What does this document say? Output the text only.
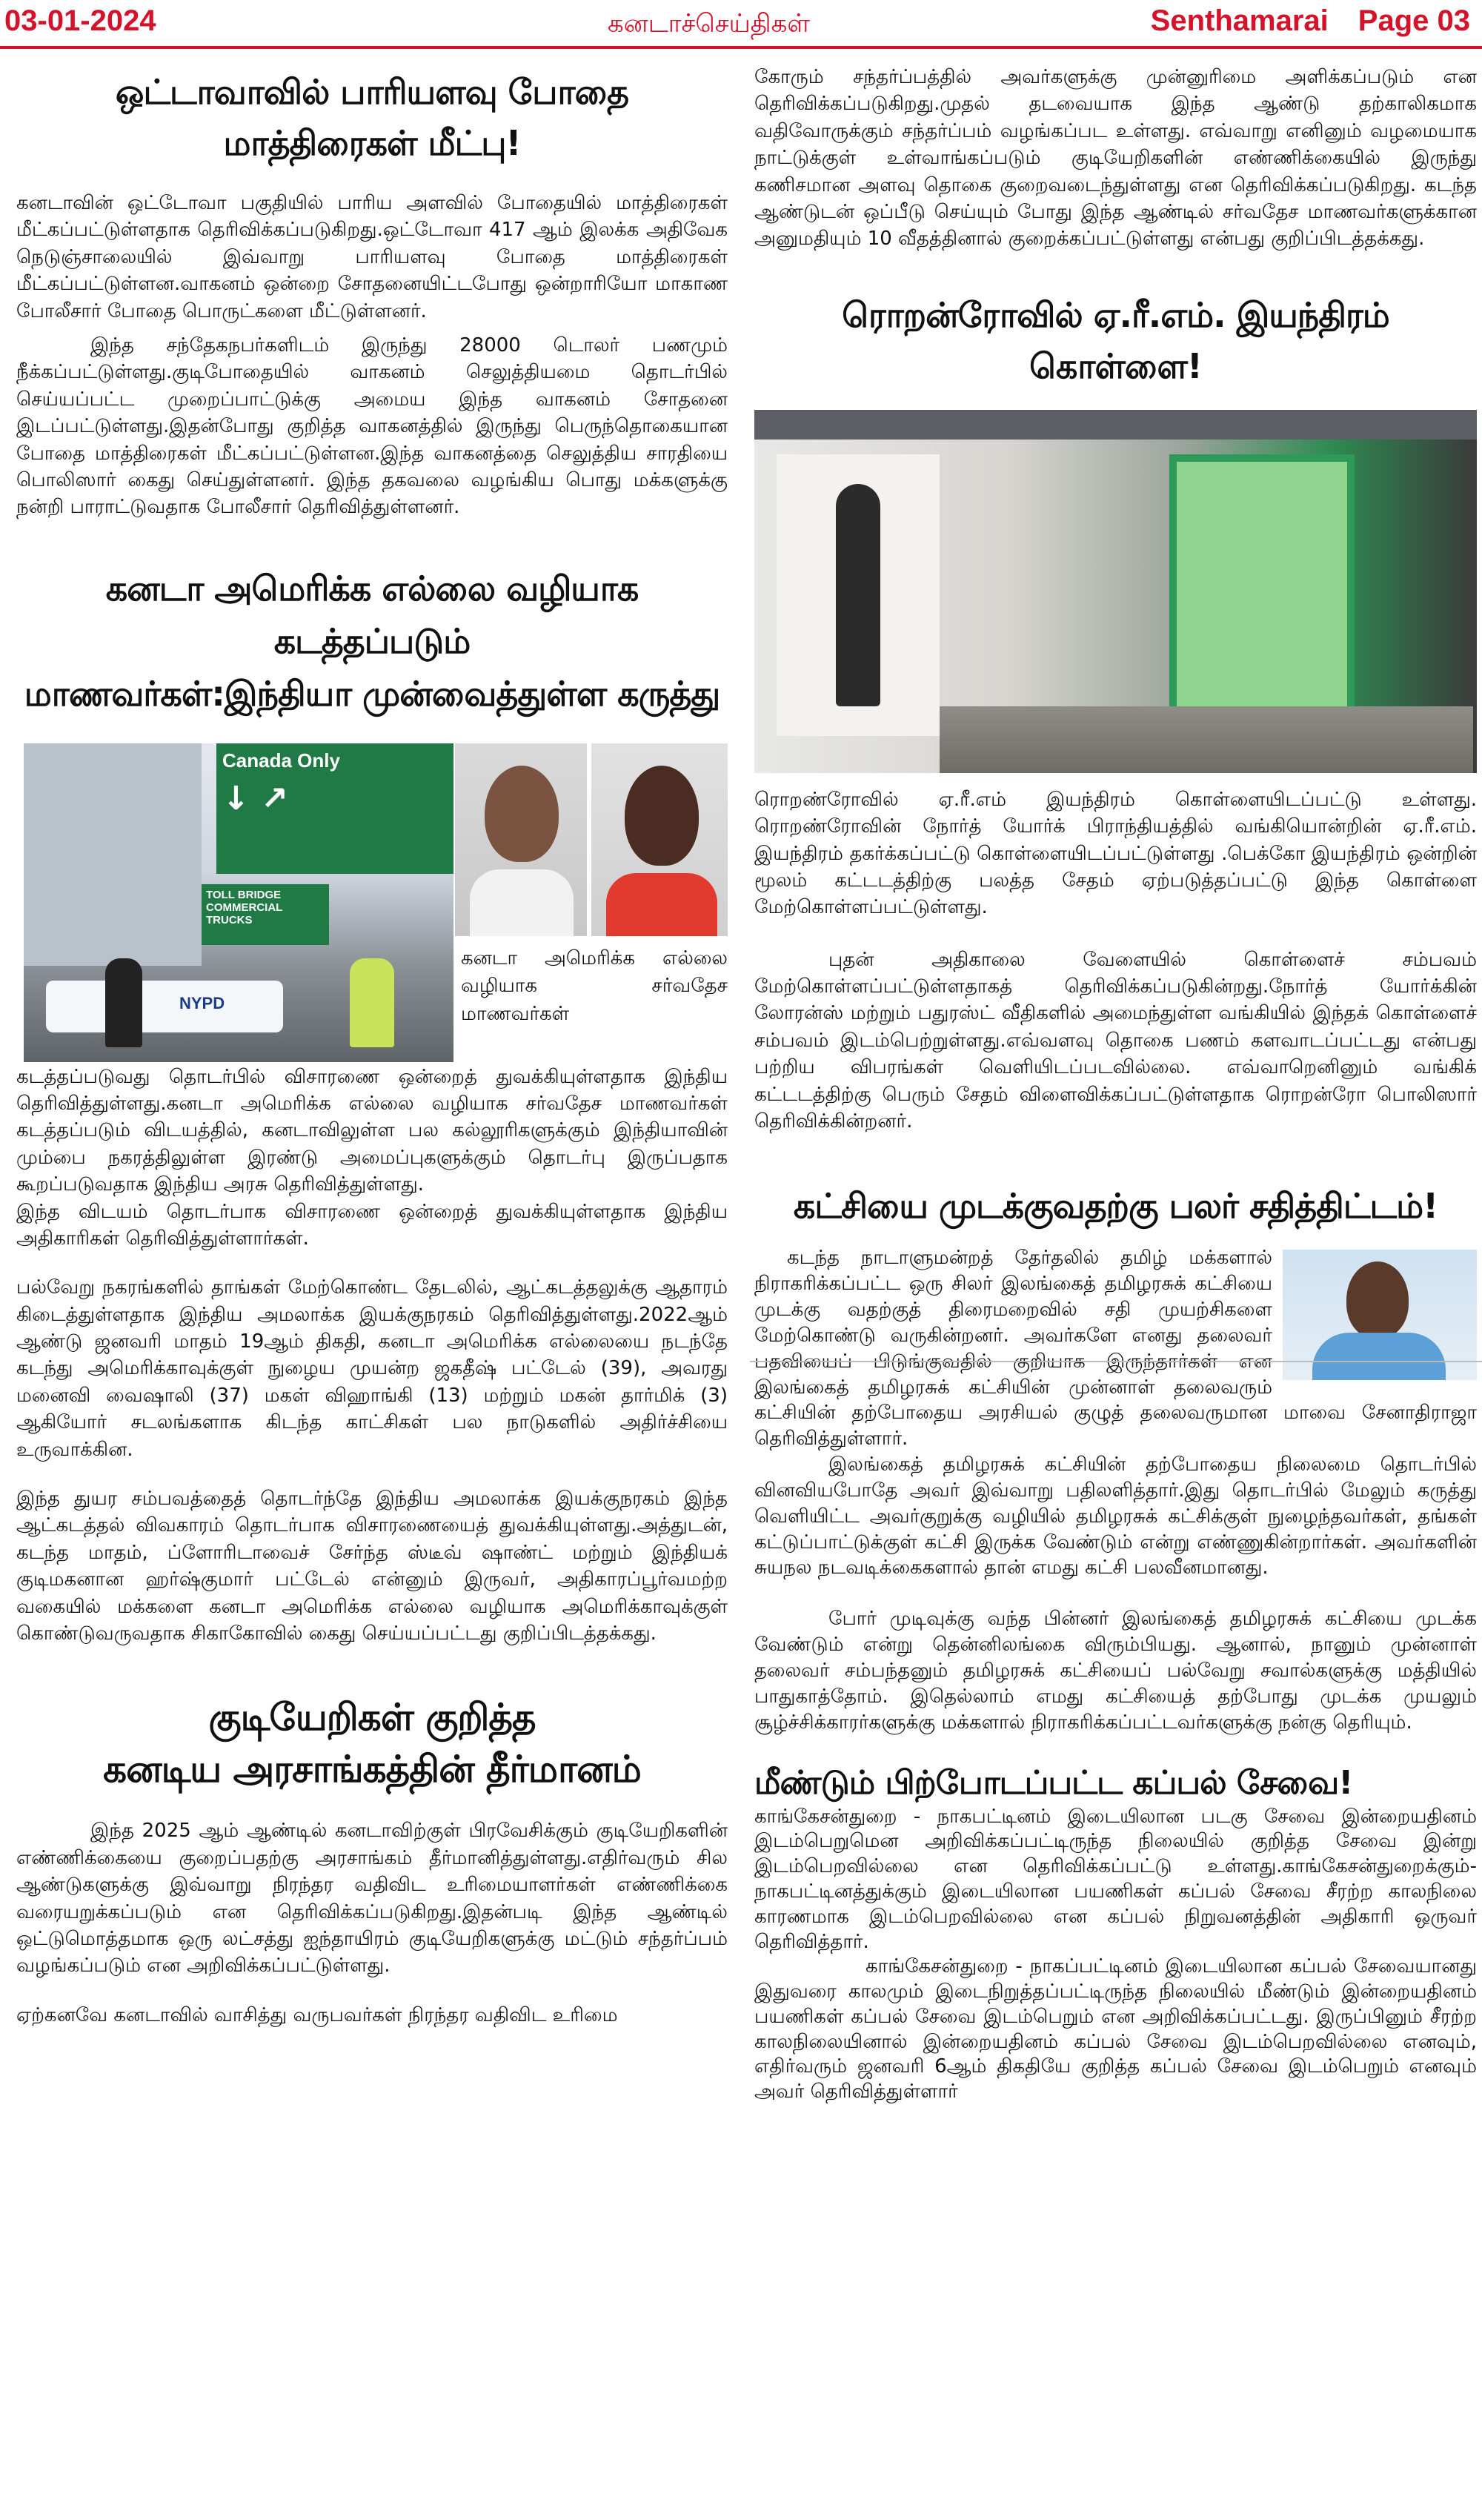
03-01-2024	கனடாச்செய்திகள்	Senthamarai Page 03
ஒட்டாவாவில் பாரியளவு போதை மாத்திரைகள் மீட்பு!

கனடாவின் ஒட்டோவா பகுதியில் பாரிய அளவில் போதையில் மாத்திரைகள் மீட்கப்பட்டுள்ளதாக தெரிவிக்கப்படுகிறது.ஒட்டோவா 417 ஆம் இலக்க அதிவேக நெடுஞ்சாலையில் இவ்வாறு பாரியளவு போதை மாத்திரைகள் மீட்கப்பட்டுள்ளன.வாகனம் ஒன்றை சோதனையிட்டபோது ஒன்றாரியோ மாகாண போலீசார் போதை பொருட்களை மீட்டுள்ளனர்.

இந்த சந்தேகநபர்களிடம் இருந்து 28000 டொலர் பணமும் நீக்கப்பட்டுள்ளது.குடிபோதையில் வாகனம் செலுத்தியமை தொடர்பில் செய்யப்பட்ட முறைப்பாட்டுக்கு அமைய இந்த வாகனம் சோதனை இடப்பட்டுள்ளது.இதன்போது குறித்த வாகனத்தில் இருந்து பெருந்தொகையான போதை மாத்திரைகள் மீட்கப்பட்டுள்ளன.இந்த வாகனத்தை செலுத்திய சாரதியை பொலிஸார் கைது செய்துள்ளனர். இந்த தகவலை வழங்கிய பொது மக்களுக்கு நன்றி பாராட்டுவதாக போலீசார் தெரிவித்துள்ளனர்.

கனடா அமெரிக்க எல்லை வழியாக கடத்தப்படும்
மாணவர்கள்:இந்தியா முன்வைத்துள்ள கருத்து
Canada Only
↓ ↗
TOLL BRIDGE COMMERCIAL TRUCKS
NYPD

கனடா அமெரிக்க எல்லை வழியாக சர்வதேச மாணவர்கள்

கடத்தப்படுவது தொடர்பில் விசாரணை ஒன்றைத் துவக்கியுள்ளதாக இந்திய தெரிவித்துள்ளது.கனடா அமெரிக்க எல்லை வழியாக சர்வதேச மாணவர்கள் கடத்தப்படும் விடயத்தில், கனடாவிலுள்ள பல கல்லூரிகளுக்கும் இந்தியாவின் மும்பை நகரத்திலுள்ள இரண்டு அமைப்புகளுக்கும் தொடர்பு இருப்பதாக கூறப்படுவதாக இந்திய அரசு தெரிவித்துள்ளது.

இந்த விடயம் தொடர்பாக விசாரணை ஒன்றைத் துவக்கியுள்ளதாக இந்திய அதிகாரிகள் தெரிவித்துள்ளார்கள்.

பல்வேறு நகரங்களில் தாங்கள் மேற்கொண்ட தேடலில், ஆட்கடத்தலுக்கு ஆதாரம் கிடைத்துள்ளதாக இந்திய அமலாக்க இயக்குநரகம் தெரிவித்துள்ளது.2022ஆம் ஆண்டு ஜனவரி மாதம் 19ஆம் திகதி, கனடா அமெரிக்க எல்லையை நடந்தே கடந்து அமெரிக்காவுக்குள் நுழைய முயன்ற ஜகதீஷ் பட்டேல் (39), அவரது மனைவி வைஷாலி (37) மகள் விஹாங்கி (13) மற்றும் மகன் தார்மிக் (3) ஆகியோர் சடலங்களாக கிடந்த காட்சிகள் பல நாடுகளில் அதிர்ச்சியை உருவாக்கின.

இந்த துயர சம்பவத்தைத் தொடர்ந்தே இந்திய அமலாக்க இயக்குநரகம் இந்த ஆட்கடத்தல் விவகாரம் தொடர்பாக விசாரணையைத் துவக்கியுள்ளது.அத்துடன், கடந்த மாதம், ப்ளோரிடாவைச் சேர்ந்த ஸ்டீவ் ஷாண்ட் மற்றும் இந்தியக் குடிமகனான ஹர்ஷ்குமார் பட்டேல் என்னும் இருவர், அதிகாரப்பூர்வமற்ற வகையில் மக்களை கனடா அமெரிக்க எல்லை வழியாக அமெரிக்காவுக்குள் கொண்டுவருவதாக சிகாகோவில் கைது செய்யப்பட்டது குறிப்பிடத்தக்கது.

குடியேறிகள் குறித்த
கனடிய அரசாங்கத்தின் தீர்மானம்

இந்த 2025 ஆம் ஆண்டில் கனடாவிற்குள் பிரவேசிக்கும் குடியேறிகளின் எண்ணிக்கையை குறைப்பதற்கு அரசாங்கம் தீர்மானித்துள்ளது.எதிர்வரும் சில ஆண்டுகளுக்கு இவ்வாறு நிரந்தர வதிவிட உரிமையாளர்கள் எண்ணிக்கை வரையறுக்கப்படும் என தெரிவிக்கப்படுகிறது.இதன்படி இந்த ஆண்டில் ஒட்டுமொத்தமாக ஒரு லட்சத்து ஐந்தாயிரம் குடியேறிகளுக்கு மட்டும் சந்தர்ப்பம் வழங்கப்படும் என அறிவிக்கப்பட்டுள்ளது.

ஏற்கனவே கனடாவில் வாசித்து வருபவர்கள் நிரந்தர வதிவிட உரிமை

கோரும் சந்தர்ப்பத்தில் அவர்களுக்கு முன்னுரிமை அளிக்கப்படும் என தெரிவிக்கப்படுகிறது.முதல் தடவையாக இந்த ஆண்டு தற்காலிகமாக வதிவோருக்கும் சந்தர்ப்பம் வழங்கப்பட உள்ளது. எவ்வாறு எனினும் வழமையாக நாட்டுக்குள் உள்வாங்கப்படும் குடியேறிகளின் எண்ணிக்கையில் இருந்து கணிசமான அளவு தொகை குறைவடைந்துள்ளது என தெரிவிக்கப்படுகிறது. கடந்த ஆண்டுடன் ஒப்பீடு செய்யும் போது இந்த ஆண்டில் சர்வதேச மாணவர்களுக்கான அனுமதியும் 10 வீதத்தினால் குறைக்கப்பட்டுள்ளது என்பது குறிப்பிடத்தக்கது.

ரொறன்ரோவில் ஏ.ரீ.எம். இயந்திரம் கொள்ளை!

ரொறண்ரோவில் ஏ.ரீ.எம் இயந்திரம் கொள்ளையிடப்பட்டு உள்ளது. ரொறண்ரோவின் நோர்த் யோர்க் பிராந்தியத்தில் வங்கியொன்றின் ஏ.ரீ.எம். இயந்திரம் தகர்க்கப்பட்டு கொள்ளையிடப்பட்டுள்ளது .பெக்கோ இயந்திரம் ஒன்றின் மூலம் கட்டடத்திற்கு பலத்த சேதம் ஏற்படுத்தப்பட்டு இந்த கொள்ளை மேற்கொள்ளப்பட்டுள்ளது.

புதன் அதிகாலை வேளையில் கொள்ளைச் சம்பவம் மேற்கொள்ளப்பட்டுள்ளதாகத் தெரிவிக்கப்படுகின்றது.நோர்த் யோர்க்கின் லோரன்ஸ் மற்றும் பதுரஸ்ட் வீதிகளில் அமைந்துள்ள வங்கியில் இந்தக் கொள்ளைச் சம்பவம் இடம்பெற்றுள்ளது.எவ்வளவு தொகை பணம் களவாடப்பட்டது என்பது பற்றிய விபரங்கள் வெளியிடப்படவில்லை. எவ்வாறெனினும் வங்கிக் கட்டடத்திற்கு பெரும் சேதம் விளைவிக்கப்பட்டுள்ளதாக ரொறன்ரோ பொலிஸார் தெரிவிக்கின்றனர்.

கட்சியை முடக்குவதற்கு பலர் சதித்திட்டம்!

கடந்த நாடாளுமன்றத் தேர்தலில் தமிழ் மக்களால் நிராகரிக்கப்பட்ட ஒரு சிலர் இலங்கைத் தமிழரசுக் கட்சியை முடக்கு வதற்குத் திரைமறைவில் சதி முயற்சிகளை மேற்கொண்டு வருகின்றனர். அவர்களே எனது தலைவர் பதவியைப் பிடுங்குவதில் குறியாக இருந்தார்கள் என இலங்கைத் தமிழரசுக் கட்சியின் முன்னாள் தலைவரும் கட்சியின் தற்போதைய அரசியல் குழுத் தலைவருமான மாவை சேனாதிராஜா தெரிவித்துள்ளார்.

இலங்கைத் தமிழரசுக் கட்சியின் தற்போதைய நிலைமை தொடர்பில் வினவியபோதே அவர் இவ்வாறு பதிலளித்தார்.இது தொடர்பில் மேலும் கருத்து வெளியிட்ட அவர்குறுக்கு வழியில் தமிழரசுக் கட்சிக்குள் நுழைந்தவர்கள், தங்கள் கட்டுப்பாட்டுக்குள் கட்சி இருக்க வேண்டும் என்று எண்ணுகின்றார்கள். அவர்களின் சுயநல நடவடிக்கைகளால் தான் எமது கட்சி பலவீனமானது.

போர் முடிவுக்கு வந்த பின்னர் இலங்கைத் தமிழரசுக் கட்சியை முடக்க வேண்டும் என்று தென்னிலங்கை விரும்பியது. ஆனால், நானும் முன்னாள் தலைவர் சம்பந்தனும் தமிழரசுக் கட்சியைப் பல்வேறு சவால்களுக்கு மத்தியில் பாதுகாத்தோம். இதெல்லாம் எமது கட்சியைத் தற்போது முடக்க முயலும் சூழ்ச்சிக்காரர்களுக்கு மக்களால் நிராகரிக்கப்பட்டவர்களுக்கு நன்கு தெரியும்.

மீண்டும் பிற்போடப்பட்ட கப்பல் சேவை!

காங்கேசன்துறை - நாகபட்டினம் இடையிலான படகு சேவை இன்றையதினம் இடம்பெறுமென அறிவிக்கப்பட்டிருந்த நிலையில் குறித்த சேவை இன்று இடம்பெறவில்லை என தெரிவிக்கப்பட்டு உள்ளது.காங்கேசன்துறைக்கும்-நாகபட்டினத்துக்கும் இடையிலான பயணிகள் கப்பல் சேவை சீரற்ற காலநிலை காரணமாக இடம்பெறவில்லை என கப்பல் நிறுவனத்தின் அதிகாரி ஒருவர் தெரிவித்தார்.

காங்கேசன்துறை - நாகப்பட்டினம் இடையிலான கப்பல் சேவையானது இதுவரை காலமும் இடைநிறுத்தப்பட்டிருந்த நிலையில் மீண்டும் இன்றையதினம் பயணிகள் கப்பல் சேவை இடம்பெறும் என அறிவிக்கப்பட்டது. இருப்பினும் சீரற்ற காலநிலையினால் இன்றையதினம் கப்பல் சேவை இடம்பெறவில்லை எனவும், எதிர்வரும் ஜனவரி 6ஆம் திகதியே குறித்த கப்பல் சேவை இடம்பெறும் எனவும் அவர் தெரிவித்துள்ளார்
